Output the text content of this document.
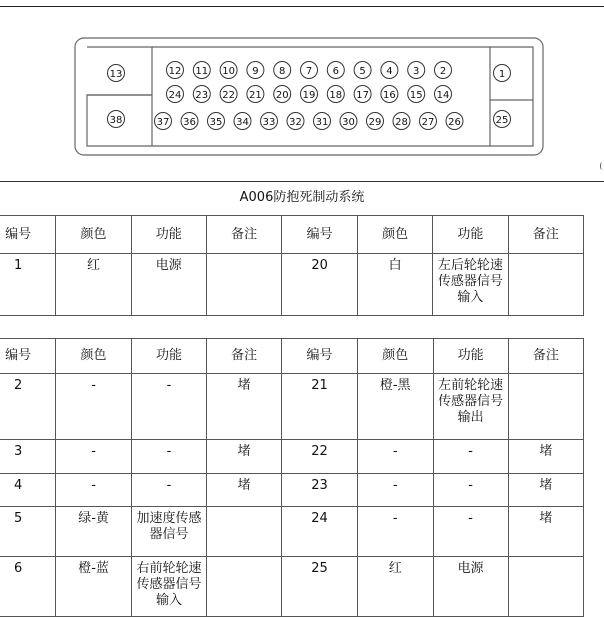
12 11 10 9 8 7 6 5 4 3 2
24 23 22 21 20 19 18 17 16 15 14
37 36 35 34 33 32 31 30 29 28 27 26
13
38
1
25
A006防抱死制动系统
编号	颜色	功能	备注	编号	颜色	功能	备注
1	红	电源		20	白	左后轮轮速传感器信号输入	
编号	颜色	功能	备注	编号	颜色	功能	备注
2	-	-	堵	21	橙-黑	左前轮轮速传感器信号输出	
3	-	-	堵	22	-	-	堵
4	-	-	堵	23	-	-	堵
5	绿-黄	加速度传感器信号		24	-	-	堵
6	橙-蓝	右前轮轮速传感器信号输入		25	红	电源	
